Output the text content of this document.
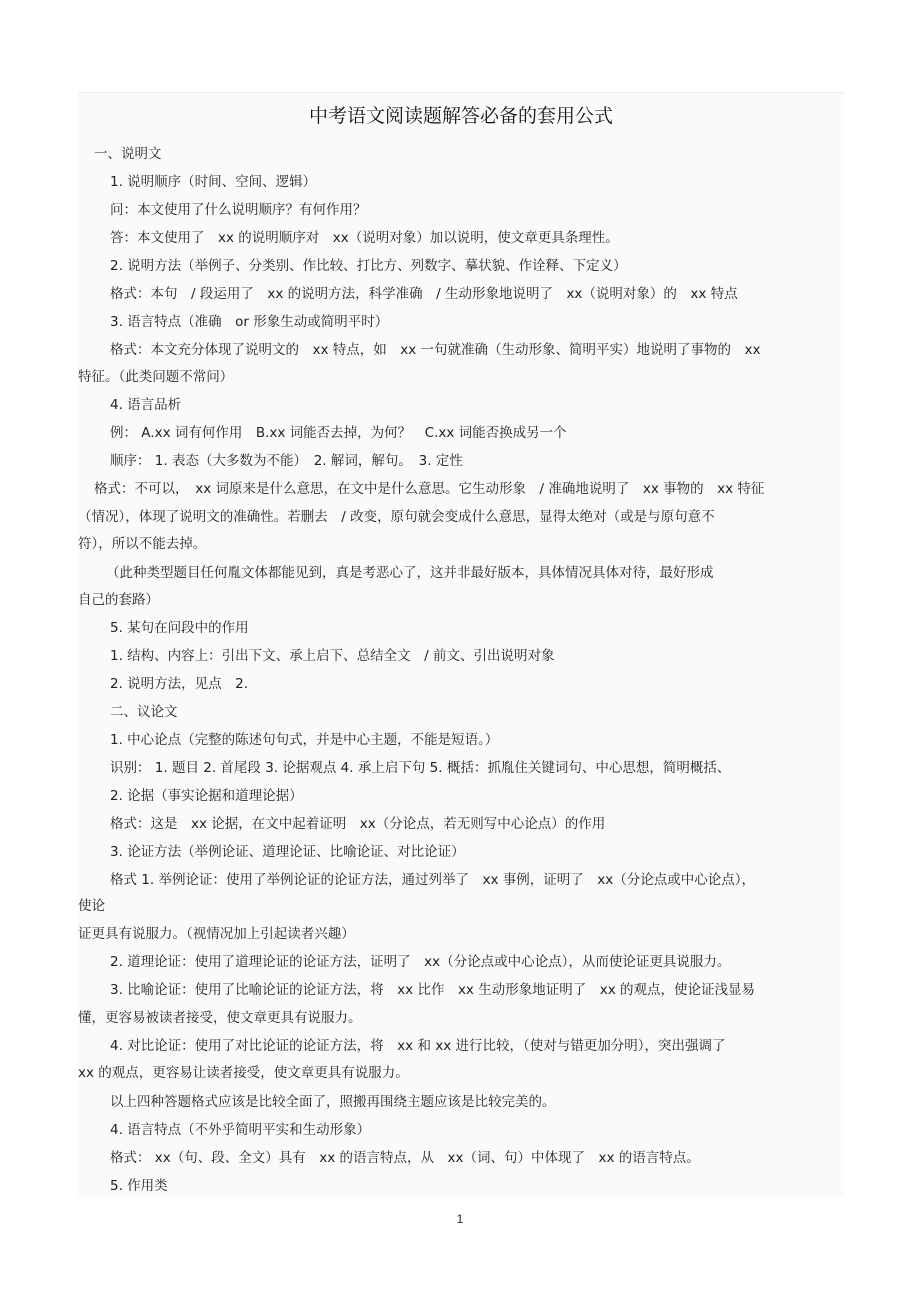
中考语文阅读题解答必备的套用公式
一、说明文
1. 说明顺序（时间、空间、逻辑）
问：本文使用了什么说明顺序？有何作用？
答：本文使用了　xx 的说明顺序对　xx（说明对象）加以说明，使文章更具条理性。
2. 说明方法（举例子、分类别、作比较、打比方、列数字、摹状貌、作诠释、下定义）
格式：本句　/ 段运用了　xx 的说明方法，科学准确　/ 生动形象地说明了　xx（说明对象）的　xx 特点
3. 语言特点（准确　or 形象生动或简明平时）
格式：本文充分体现了说明文的　xx 特点，如　xx 一句就准确（生动形象、简明平实）地说明了事物的　xx
特征。（此类问题不常问）
4. 语言品析
例： A.xx 词有何作用　B.xx 词能否去掉，为何？　C.xx 词能否换成另一个
顺序： 1. 表态（大多数为不能）　2. 解词，解句。　3. 定性
格式：不可以，　xx 词原来是什么意思，在文中是什么意思。它生动形象　/ 准确地说明了　xx 事物的　xx 特征
（情况），体现了说明文的准确性。若删去　/ 改变，原句就会变成什么意思，显得太绝对（或是与原句意不
符），所以不能去掉。
（此种类型题目任何胤文体都能见到，真是考恶心了，这并非最好版本，具体情况具体对待，最好形成
自己的套路）
5. 某句在问段中的作用
1. 结构、内容上：引出下文、承上启下、总结全文　/ 前文、引出说明对象
2. 说明方法，见点　2.
二、议论文
1. 中心论点（完整的陈述句句式，并是中心主题，不能是短语。）
识别： 1. 题目 2. 首尾段 3. 论据观点 4. 承上启下句 5. 概括：抓胤住关键词句、中心思想，简明概括、
2. 论据（事实论据和道理论据）
格式：这是　xx 论据，在文中起着证明　xx（分论点，若无则写中心论点）的作用
3. 论证方法（举例论证、道理论证、比喻论证、对比论证）
格式 1. 举例论证：使用了举例论证的论证方法，通过列举了　xx 事例，证明了　xx（分论点或中心论点），
使论
证更具有说服力。（视情况加上引起读者兴趣）
2. 道理论证：使用了道理论证的论证方法，证明了　xx（分论点或中心论点），从而使论证更具说服力。
3. 比喻论证：使用了比喻论证的论证方法，将　xx 比作　xx 生动形象地证明了　xx 的观点，使论证浅显易
懂，更容易被读者接受，使文章更具有说服力。
4. 对比论证：使用了对比论证的论证方法，将　xx 和 xx 进行比较，（使对与错更加分明），突出强调了
xx 的观点，更容易让读者接受，使文章更具有说服力。
以上四种答题格式应该是比较全面了，照搬再围绕主题应该是比较完美的。
4. 语言特点（不外乎简明平实和生动形象）
格式： xx（句、段、全文）具有　xx 的语言特点，从　xx（词、句）中体现了　xx 的语言特点。
5. 作用类
1
